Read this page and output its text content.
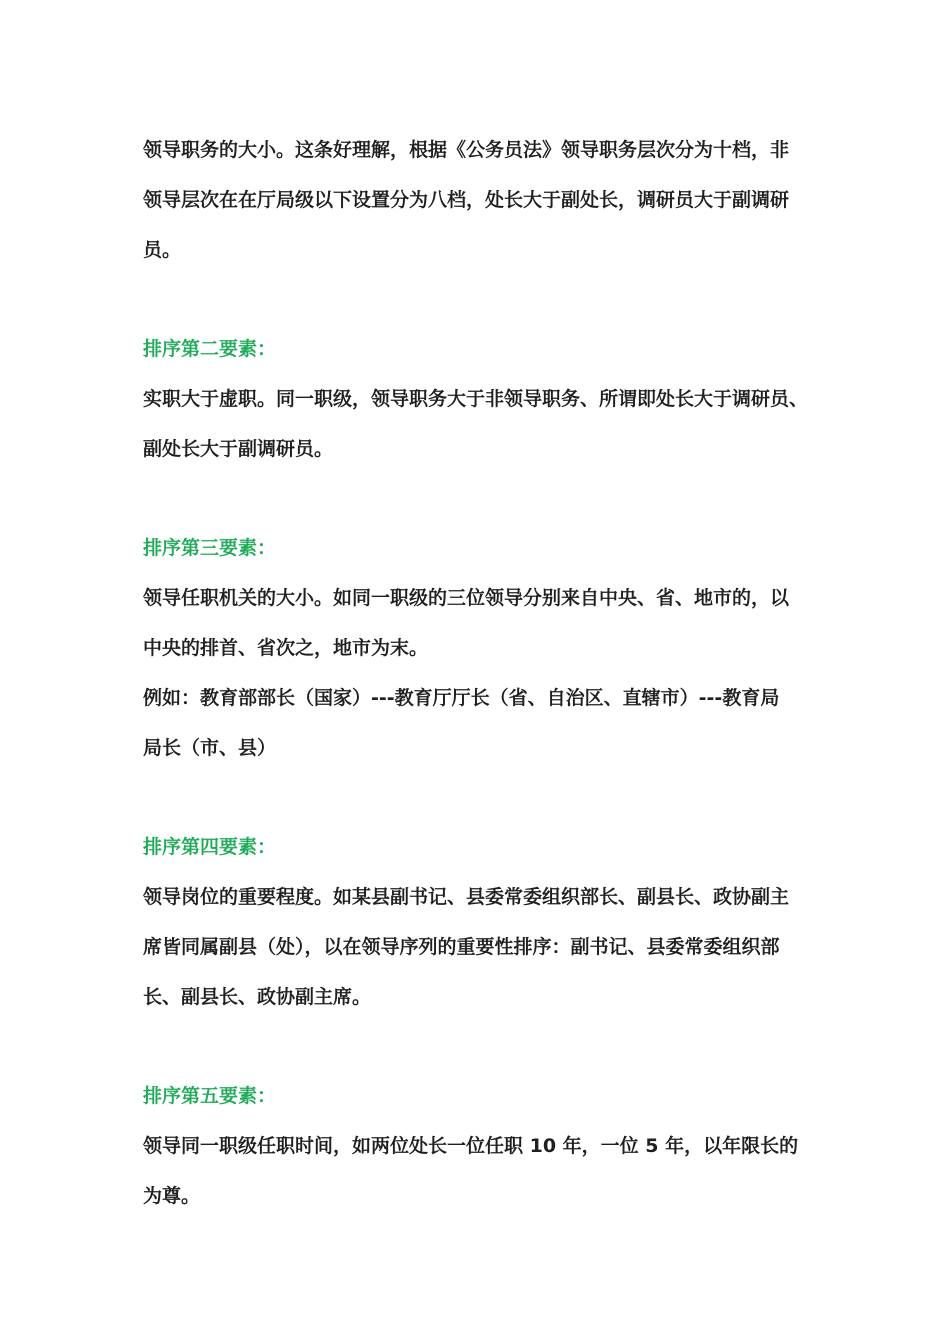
领导职务的大小。这条好理解，根据《公务员法》领导职务层次分为十档，非
领导层次在在厅局级以下设置分为八档，处长大于副处长，调研员大于副调研
员。
排序第二要素：
实职大于虚职。同一职级，领导职务大于非领导职务、所谓即处长大于调研员、
副处长大于副调研员。
排序第三要素：
领导任职机关的大小。如同一职级的三位领导分别来自中央、省、地市的，以
中央的排首、省次之，地市为末。
例如：教育部部长（国家）---教育厅厅长（省、自治区、直辖市）---教育局
局长（市、县）
排序第四要素：
领导岗位的重要程度。如某县副书记、县委常委组织部长、副县长、政协副主
席皆同属副县（处），以在领导序列的重要性排序：副书记、县委常委组织部
长、副县长、政协副主席。
排序第五要素：
领导同一职级任职时间，如两位处长一位任职 10 年，一位 5 年，以年限长的
为尊。
